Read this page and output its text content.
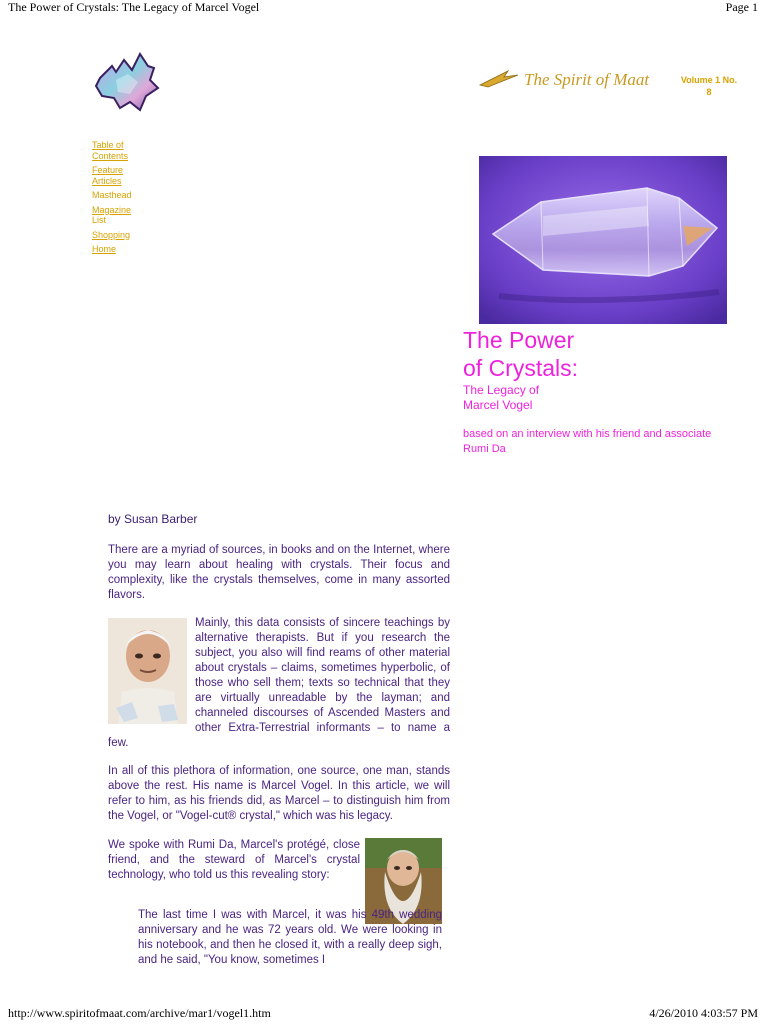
The Power of Crystals: The Legacy of Marcel Vogel	Page 1
Table of
Contents
Feature
Articles
Masthead
Magazine
List
Shopping
Home
The Spirit of Maat	Volume 1 No.
8
The Power
of Crystals:
The Legacy of
Marcel Vogel
based on an interview with his friend and associate Rumi Da
by Susan Barber
There are a myriad of sources, in books and on the Internet, where you may learn about healing with crystals. Their focus and complexity, like the crystals themselves, come in many assorted flavors.
Mainly, this data consists of sincere teachings by alternative therapists. But if you research the subject, you also will find reams of other material about crystals – claims, sometimes hyperbolic, of those who sell them; texts so technical that they are virtually unreadable by the layman; and channeled discourses of Ascended Masters and other Extra-Terrestrial informants – to name a few.
In all of this plethora of information, one source, one man, stands above the rest. His name is Marcel Vogel. In this article, we will refer to him, as his friends did, as Marcel – to distinguish him from the Vogel, or "Vogel-cut® crystal," which was his legacy.
We spoke with Rumi Da, Marcel's protégé, close friend, and the steward of Marcel's crystal technology, who told us this revealing story:
The last time I was with Marcel, it was his 49th wedding anniversary and he was 72 years old. We were looking in his notebook, and then he closed it, with a really deep sigh, and he said, "You know, sometimes I
http://www.spiritofmaat.com/archive/mar1/vogel1.htm	4/26/2010 4:03:57 PM
